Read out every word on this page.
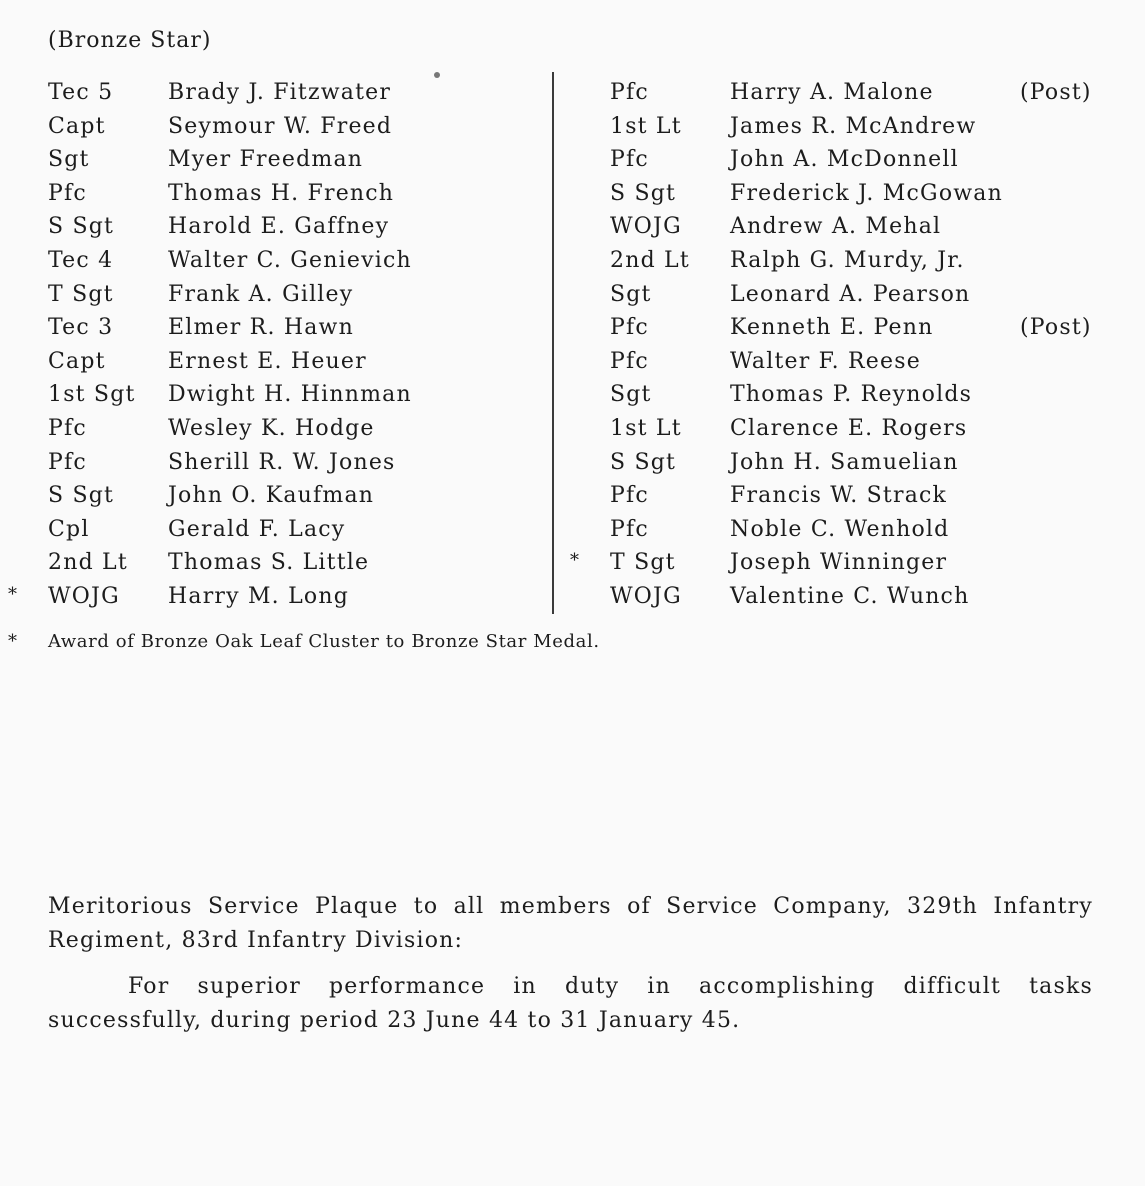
(Bronze Star)
Tec 5 Brady J. Fitzwater
Capt	Seymour W. Freed
Sgt	Myer Freedman
Pfc	Thomas H. French
S Sgt Harold E. Gaffney
Tec 4 Walter C. Genievich
T Sgt Frank A. Gilley
Tec 3 Elmer R. Hawn
Capt	Ernest E. Heuer
1st Sgt Dwight H. Hinnman
Pfc	Wesley K. Hodge
Pfc	Sherill R. W. Jones
S Sgt John O. Kaufman
Cpl	Gerald F. Lacy
2nd Lt Thomas S. Little
* WOJG Harry M. Long
Pfc	Harry A. Malone	(Post)
1st Lt James R. McAndrew
Pfc	John A. McDonnell
S Sgt Frederick J. McGowan
WOJG Andrew A. Mehal
2nd Lt Ralph G. Murdy, Jr.
Sgt	Leonard A. Pearson
Pfc	Kenneth E. Penn	(Post)
Pfc	Walter F. Reese
Sgt	Thomas P. Reynolds
1st Lt Clarence E. Rogers
S Sgt John H. Samuelian
Pfc	Francis W. Strack
Pfc	Noble C. Wenhold
* T Sgt Joseph Winninger
WOJG Valentine C. Wunch
* Award of Bronze Oak Leaf Cluster to Bronze Star Medal.

Meritorious Service Plaque to all members of Service Company, 329th Infantry Regiment, 83rd Infantry Division:

For superior performance in duty in accomplishing difficult tasks successfully, during period 23 June 44 to 31 January 45.
